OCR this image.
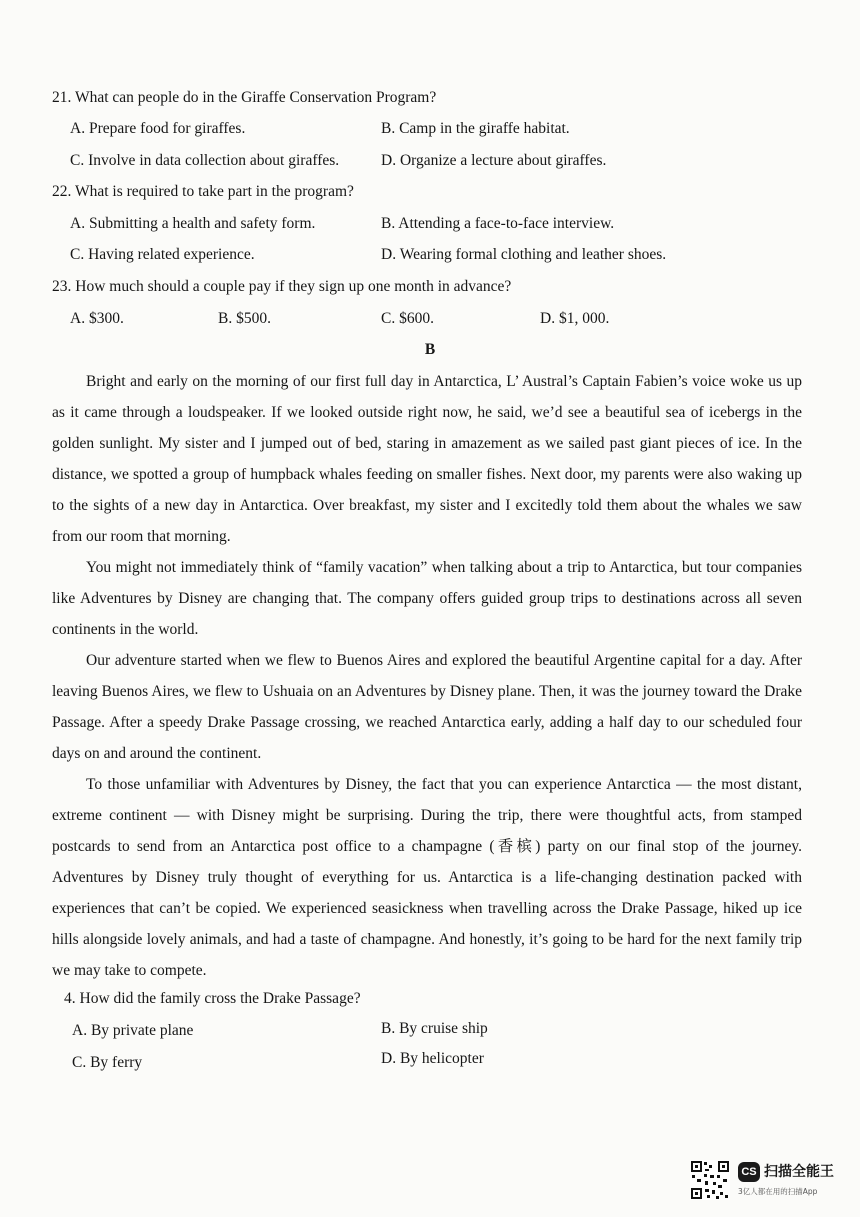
21. What can people do in the Giraffe Conservation Program?
A. Prepare food for giraffes.	B. Camp in the giraffe habitat.
C. Involve in data collection about giraffes.	D. Organize a lecture about giraffes.
22. What is required to take part in the program?
A. Submitting a health and safety form.	B. Attending a face-to-face interview.
C. Having related experience.	D. Wearing formal clothing and leather shoes.
23. How much should a couple pay if they sign up one month in advance?
A. $300.	B. $500.	C. $600.	D. $1, 000.
B

Bright and early on the morning of our first full day in Antarctica, L’ Austral’s Captain Fabien’s voice woke us up as it came through a loudspeaker. If we looked outside right now, he said, we’d see a beautiful sea of icebergs in the golden sunlight. My sister and I jumped out of bed, staring in amazement as we sailed past giant pieces of ice. In the distance, we spotted a group of humpback whales feeding on smaller fishes. Next door, my parents were also waking up to the sights of a new day in Antarctica. Over breakfast, my sister and I excitedly told them about the whales we saw from our room that morning.

You might not immediately think of “family vacation” when talking about a trip to Antarctica, but tour companies like Adventures by Disney are changing that. The company offers guided group trips to destinations across all seven continents in the world.

Our adventure started when we flew to Buenos Aires and explored the beautiful Argentine capital for a day. After leaving Buenos Aires, we flew to Ushuaia on an Adventures by Disney plane. Then, it was the journey toward the Drake Passage. After a speedy Drake Passage crossing, we reached Antarctica early, adding a half day to our scheduled four days on and around the continent.

To those unfamiliar with Adventures by Disney, the fact that you can experience Antarctica — the most distant, extreme continent — with Disney might be surprising. During the trip, there were thoughtful acts, from stamped postcards to send from an Antarctica post office to a champagne (香槟) party on our final stop of the journey. Adventures by Disney truly thought of everything for us. Antarctica is a life-changing destination packed with experiences that can’t be copied. We experienced seasickness when travelling across the Drake Passage, hiked up ice hills alongside lovely animals, and had a taste of champagne. And honestly, it’s going to be hard for the next family trip we may take to compete.

4. How did the family cross the Drake Passage?
A. By private plane	B. By cruise ship
C. By ferry	D. By helicopter
CS 扫描全能王
3亿人都在用的扫描App
